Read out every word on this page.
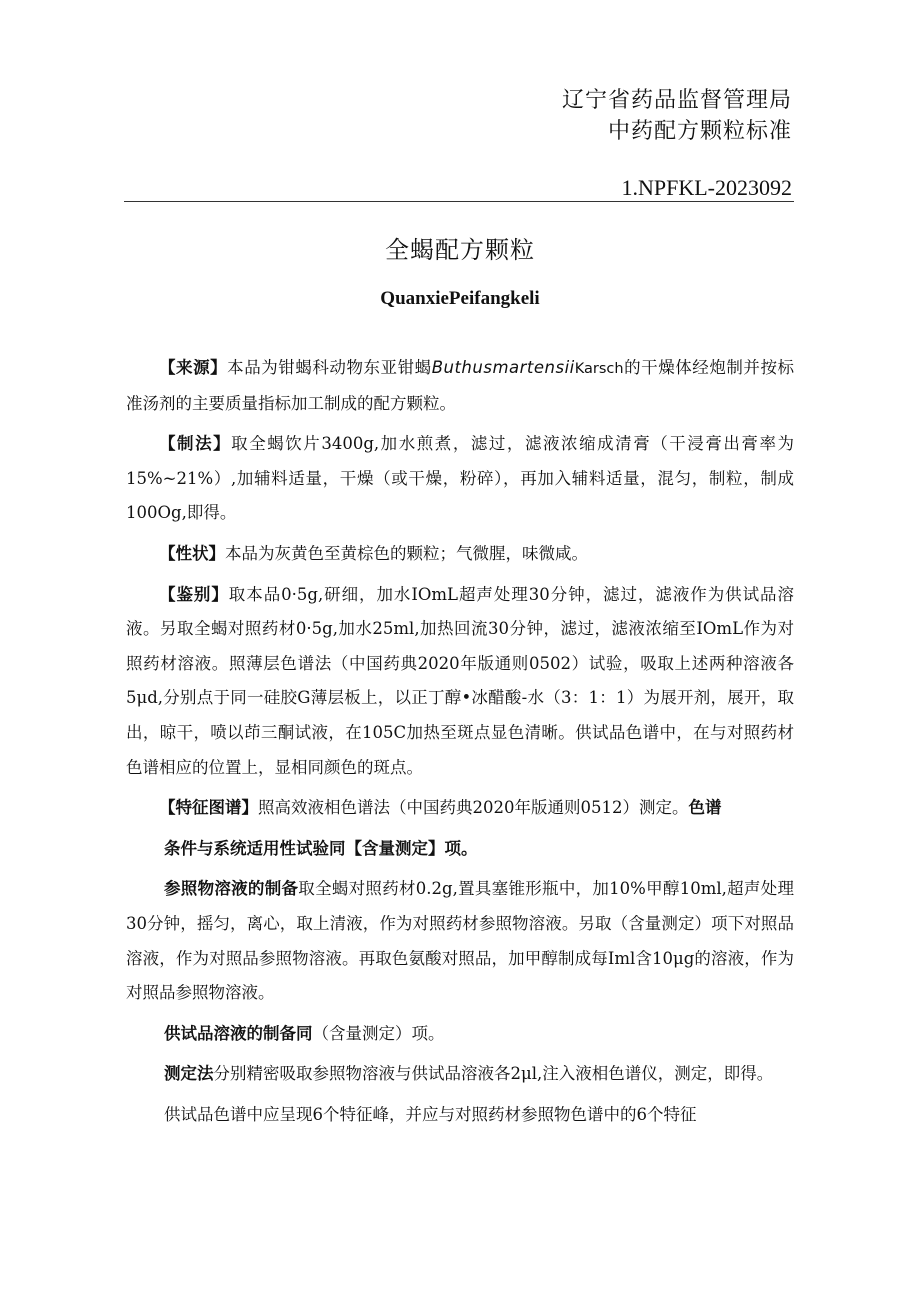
辽宁省药品监督管理局
中药配方颗粒标准
1.NPFKL-2023092
全蝎配方颗粒
QuanxiePeifangkeli

【来源】本品为钳蝎科动物东亚钳蝎ButhusmartensiiKarsch的干燥体经炮制并按标准汤剂的主要质量指标加工制成的配方颗粒。

【制法】取全蝎饮片3400g,加水煎煮，滤过，滤液浓缩成清膏（干浸膏出膏率为15%~21%）,加辅料适量，干燥（或干燥，粉碎），再加入辅料适量，混匀，制粒，制成100Og,即得。

【性状】本品为灰黄色至黄棕色的颗粒；气微腥，味微咸。

【鉴别】取本品0·5g,研细，加水IOmL超声处理30分钟，滤过，滤液作为供试品溶液。另取全蝎对照药材0·5g,加水25ml,加热回流30分钟，滤过，滤液浓缩至IOmL作为对照药材溶液。照薄层色谱法（中国药典2020年版通则0502）试验，吸取上述两种溶液各5μd,分别点于同一硅胶G薄层板上，以正丁醇•冰醋酸-水（3：1：1）为展开剂，展开，取出，晾干，喷以茚三酮试液，在105C加热至斑点显色清晰。供试品色谱中，在与对照药材色谱相应的位置上，显相同颜色的斑点。

【特征图谱】照高效液相色谱法（中国药典2020年版通则0512）测定。色谱

条件与系统适用性试验同【含量测定】项。

参照物溶液的制备取全蝎对照药材0.2g,置具塞锥形瓶中，加10%甲醇10ml,超声处理30分钟，摇匀，离心，取上清液，作为对照药材参照物溶液。另取（含量测定）项下对照品溶液，作为对照品参照物溶液。再取色氨酸对照品，加甲醇制成每Iml含10μg的溶液，作为对照品参照物溶液。

供试品溶液的制备同（含量测定）项。

测定法分别精密吸取参照物溶液与供试品溶液各2μl,注入液相色谱仪，测定，即得。

供试品色谱中应呈现6个特征峰，并应与对照药材参照物色谱中的6个特征
